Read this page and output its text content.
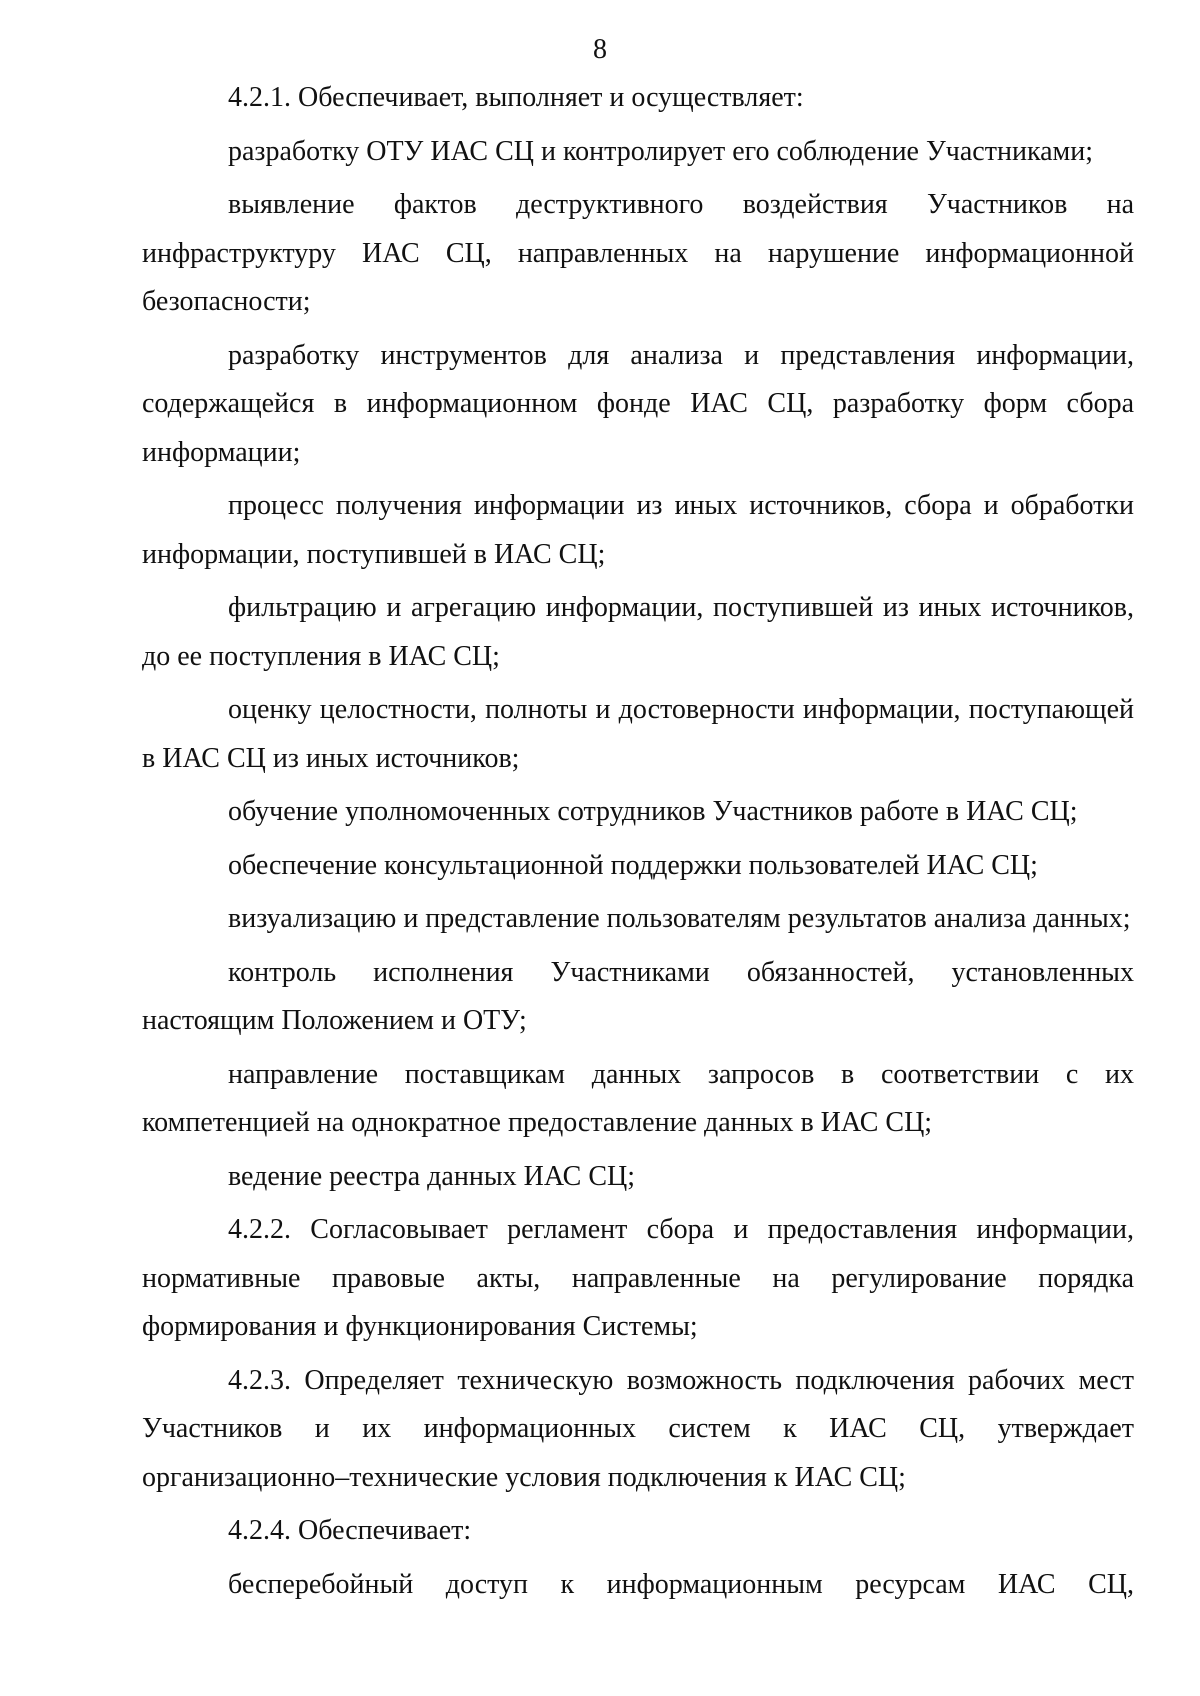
8

4.2.1. Обеспечивает, выполняет и осуществляет:

разработку ОТУ ИАС СЦ и контролирует его соблюдение Участниками;

выявление фактов деструктивного воздействия Участников на инфраструктуру ИАС СЦ, направленных на нарушение информационной безопасности;

разработку инструментов для анализа и представления информации, содержащейся в информационном фонде ИАС СЦ, разработку форм сбора информации;

процесс получения информации из иных источников, сбора и обработки информации, поступившей в ИАС СЦ;

фильтрацию и агрегацию информации, поступившей из иных источников, до ее поступления в ИАС СЦ;

оценку целостности, полноты и достоверности информации, поступающей в ИАС СЦ из иных источников;

обучение уполномоченных сотрудников Участников работе в ИАС СЦ;

обеспечение консультационной поддержки пользователей ИАС СЦ;

визуализацию и представление пользователям результатов анализа данных;

контроль исполнения Участниками обязанностей, установленных настоящим Положением и ОТУ;

направление поставщикам данных запросов в соответствии с их компетенцией на однократное предоставление данных в ИАС СЦ;

ведение реестра данных ИАС СЦ;

4.2.2. Согласовывает регламент сбора и предоставления информации, нормативные правовые акты, направленные на регулирование порядка формирования и функционирования Системы;

4.2.3. Определяет техническую возможность подключения рабочих мест Участников и их информационных систем к ИАС СЦ, утверждает организационно–технические условия подключения к ИАС СЦ;

4.2.4. Обеспечивает:

бесперебойный доступ к информационным ресурсам ИАС СЦ,
